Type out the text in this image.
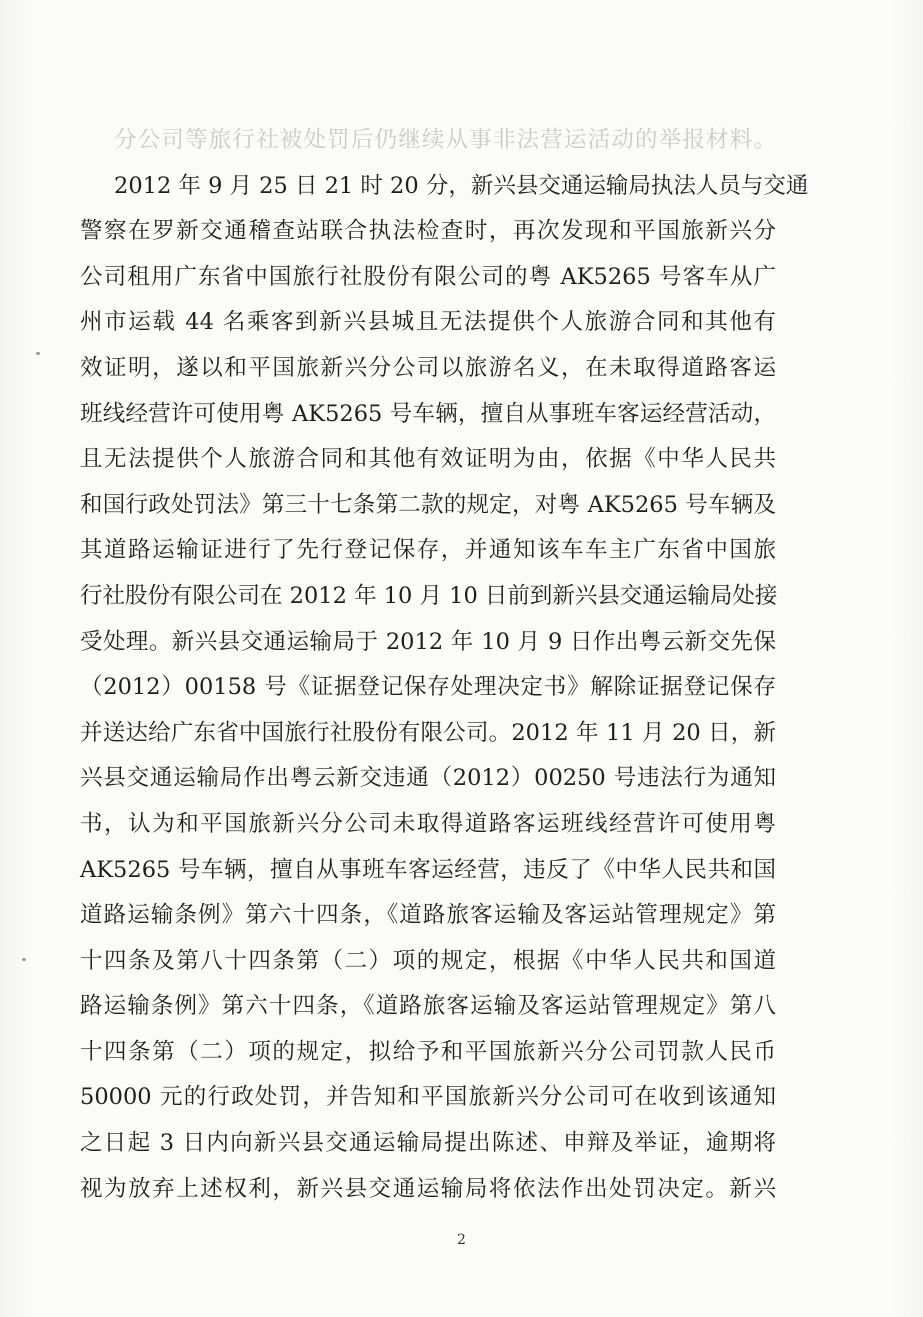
分公司等旅行社被处罚后仍继续从事非法营运活动的举报材料。
2012 年 9 月 25 日 21 时 20 分，新兴县交通运输局执法人员与交通
警察在罗新交通稽查站联合执法检查时，再次发现和平国旅新兴分
公司租用广东省中国旅行社股份有限公司的粤 AK5265 号客车从广
州市运载 44 名乘客到新兴县城且无法提供个人旅游合同和其他有
效证明，遂以和平国旅新兴分公司以旅游名义，在未取得道路客运
班线经营许可使用粤 AK5265 号车辆，擅自从事班车客运经营活动，
且无法提供个人旅游合同和其他有效证明为由，依据《中华人民共
和国行政处罚法》第三十七条第二款的规定，对粤 AK5265 号车辆及
其道路运输证进行了先行登记保存，并通知该车车主广东省中国旅
行社股份有限公司在 2012 年 10 月 10 日前到新兴县交通运输局处接
受处理。新兴县交通运输局于 2012 年 10 月 9 日作出粤云新交先保
（2012）00158 号《证据登记保存处理决定书》解除证据登记保存
并送达给广东省中国旅行社股份有限公司。2012 年 11 月 20 日，新
兴县交通运输局作出粤云新交违通（2012）00250 号违法行为通知
书，认为和平国旅新兴分公司未取得道路客运班线经营许可使用粤
AK5265 号车辆，擅自从事班车客运经营，违反了《中华人民共和国
道路运输条例》第六十四条，《道路旅客运输及客运站管理规定》第
十四条及第八十四条第（二）项的规定，根据《中华人民共和国道
路运输条例》第六十四条，《道路旅客运输及客运站管理规定》第八
十四条第（二）项的规定，拟给予和平国旅新兴分公司罚款人民币
50000 元的行政处罚，并告知和平国旅新兴分公司可在收到该通知
之日起 3 日内向新兴县交通运输局提出陈述、申辩及举证，逾期将
视为放弃上述权利，新兴县交通运输局将依法作出处罚决定。新兴
2
